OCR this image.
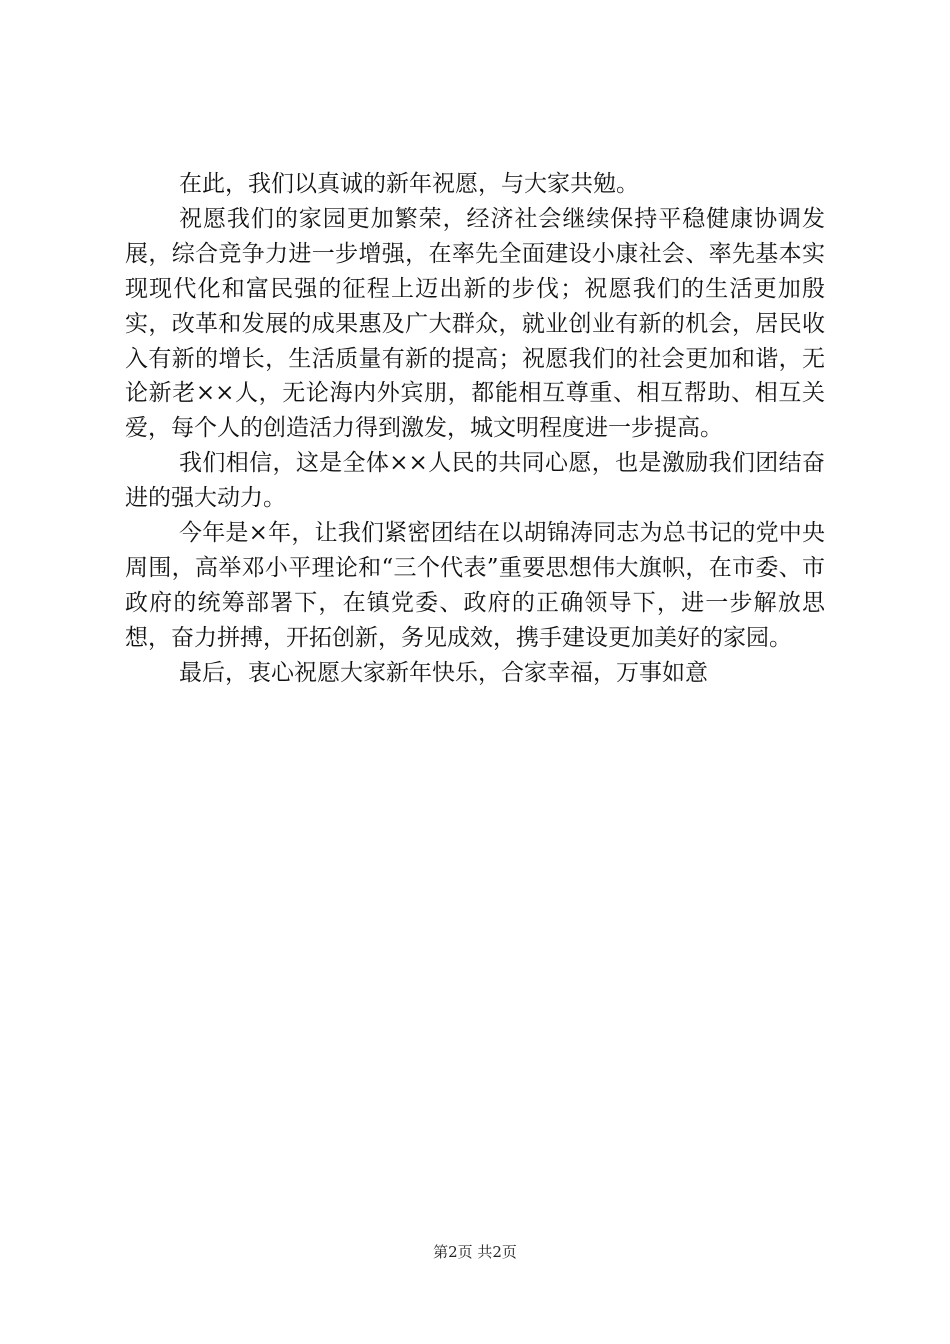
在此，我们以真诚的新年祝愿，与大家共勉。

祝愿我们的家园更加繁荣，经济社会继续保持平稳健康协调发展，综合竞争力进一步增强，在率先全面建设小康社会、率先基本实现现代化和富民强的征程上迈出新的步伐；祝愿我们的生活更加殷实，改革和发展的成果惠及广大群众，就业创业有新的机会，居民收入有新的增长，生活质量有新的提高；祝愿我们的社会更加和谐，无论新老××人，无论海内外宾朋，都能相互尊重、相互帮助、相互关爱，每个人的创造活力得到激发，城文明程度进一步提高。

我们相信，这是全体××人民的共同心愿，也是激励我们团结奋进的强大动力。

今年是×年，让我们紧密团结在以胡锦涛同志为总书记的党中央周围，高举邓小平理论和“三个代表”重要思想伟大旗帜，在市委、市政府的统筹部署下，在镇党委、政府的正确领导下，进一步解放思想，奋力拼搏，开拓创新，务见成效，携手建设更加美好的家园。

最后，衷心祝愿大家新年快乐，合家幸福，万事如意

第2页 共2页
